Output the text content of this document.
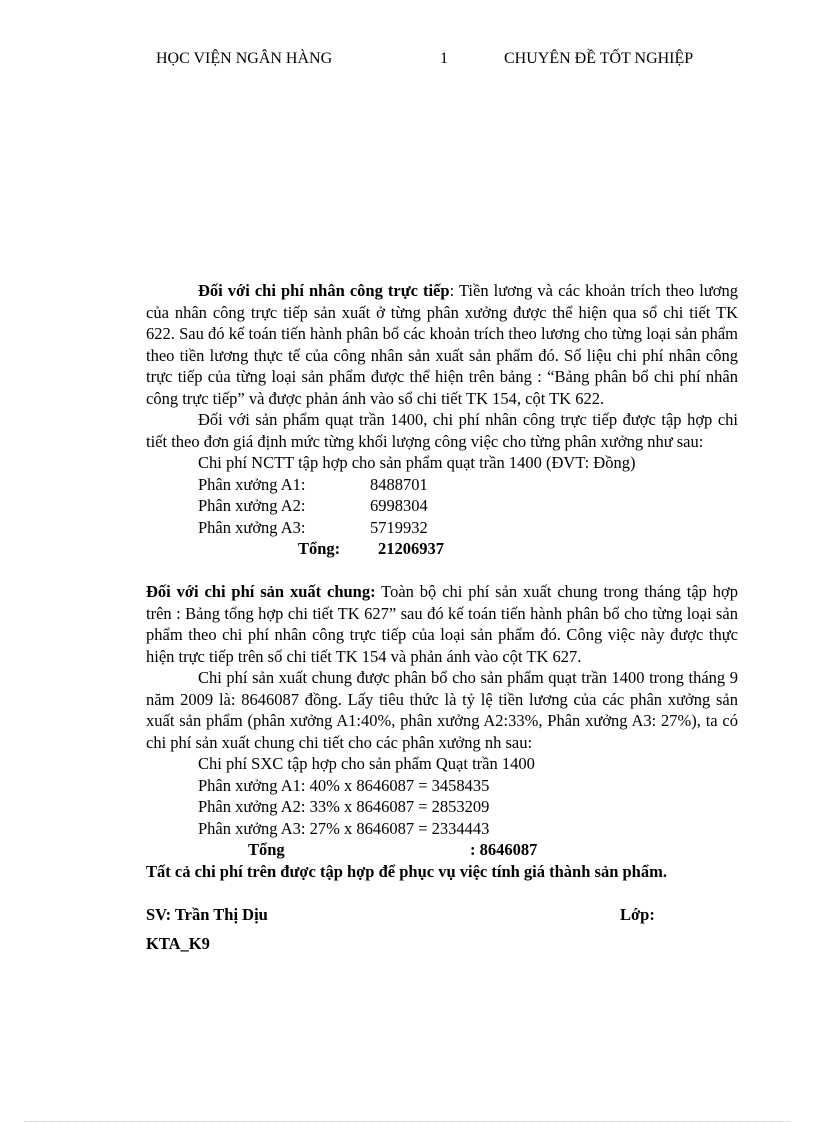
HỌC VIỆN NGÂN HÀNG	1	CHUYÊN ĐỀ TỐT NGHIỆP

Đối với chi phí nhân công trực tiếp: Tiền lương và các khoản trích theo lương của nhân công trực tiếp sản xuất ở từng phân xưởng được thể hiện qua sổ chi tiết TK 622. Sau đó kế toán tiến hành phân bổ các khoản trích theo lương cho từng loại sản phẩm theo tiền lương thực tế của công nhân sản xuất sản phẩm đó. Số liệu chi phí nhân công trực tiếp của từng loại sản phẩm được thể hiện trên bảng : “Bảng phân bổ chi phí nhân công trực tiếp” và được phản ánh vào sổ chi tiết TK 154, cột TK 622.

Đối với sản phẩm quạt trần 1400, chi phí nhân công trực tiếp được tập hợp chi tiết theo đơn giá định mức từng khối lượng công việc cho từng phân xưởng như sau:

Chi phí NCTT tập hợp cho sản phẩm quạt trần 1400 (ĐVT: Đồng)
Phân xưởng A1:	8488701
Phân xưởng A2:	6998304
Phân xưởng A3:	5719932
Tổng: 21206937

Đối với chi phí sản xuất chung: Toàn bộ chi phí sản xuất chung trong tháng tập hợp trên : Bảng tổng hợp chi tiết TK 627” sau đó kế toán tiến hành phân bổ cho từng loại sản phẩm theo chi phí nhân công trực tiếp của loại sản phẩm đó. Công việc này được thực hiện trực tiếp trên sổ chi tiết TK 154 và phản ánh vào cột TK 627.

Chi phí sản xuất chung được phân bổ cho sản phẩm quạt trần 1400 trong tháng 9 năm 2009 là: 8646087 đồng. Lấy tiêu thức là tỷ lệ tiền lương của các phân xưởng sản xuất sản phẩm (phân xưởng A1:40%, phân xưởng A2:33%, Phân xưởng A3: 27%), ta có chi phí sản xuất chung chi tiết cho các phân xưởng nh sau:

Chi phí SXC tập hợp cho sản phẩm Quạt trần 1400
Phân xưởng A1: 40% x 8646087 = 3458435
Phân xưởng A2: 33% x 8646087 = 2853209
Phân xưởng A3: 27% x 8646087 = 2334443
Tổng	: 8646087

Tất cả chi phí trên được tập hợp để phục vụ việc tính giá thành sản phẩm.

SV: Trần Thị Dịu	Lớp:
KTA_K9
